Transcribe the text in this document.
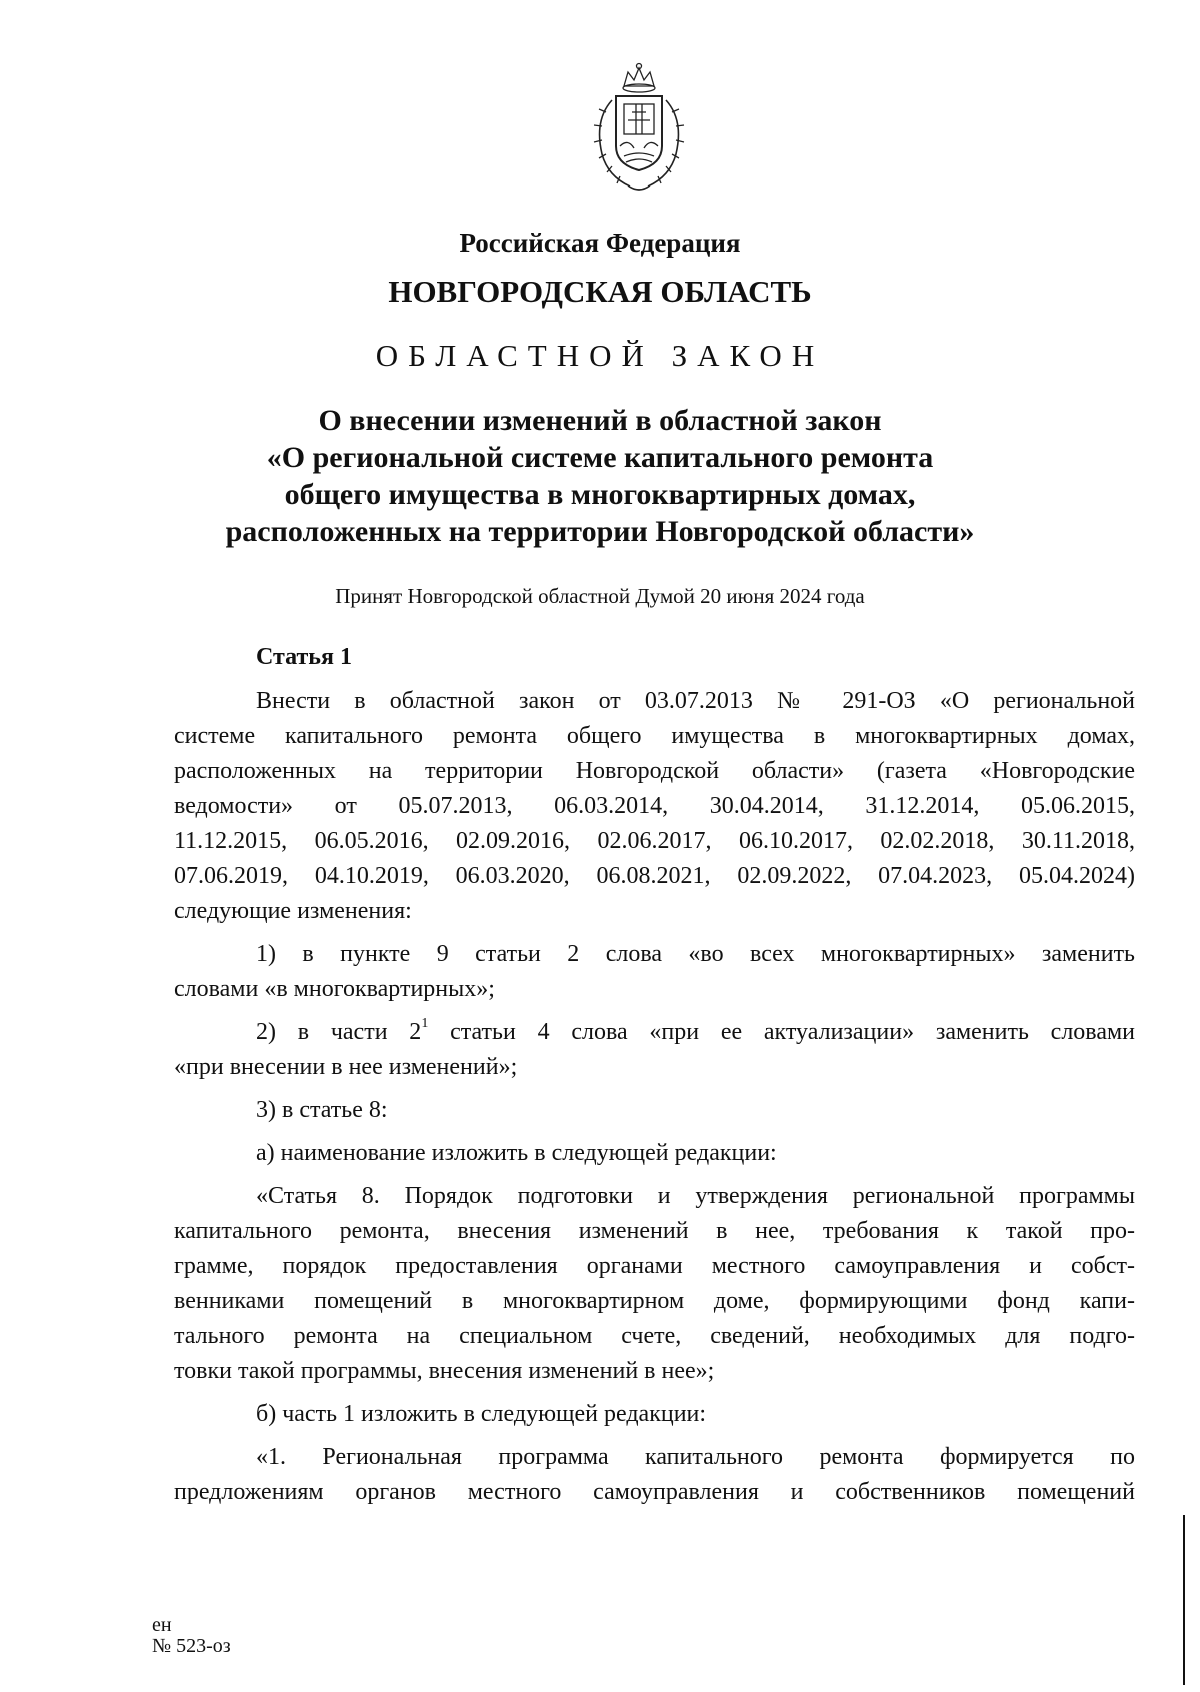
Российская Федерация
НОВГОРОДСКАЯ ОБЛАСТЬ
ОБЛАСТНОЙ ЗАКОН
О внесении изменений в областной закон
«О региональной системе капитального ремонта
общего имущества в многоквартирных домах,
расположенных на территории Новгородской области»
Принят Новгородской областной Думой 20 июня 2024 года
Статья 1
Внести в областной закон от 03.07.2013 № 291-ОЗ «О региональной
системе капитального ремонта общего имущества в многоквартирных домах,
расположенных на территории Новгородской области» (газета «Новгородские
ведомости» от 05.07.2013, 06.03.2014, 30.04.2014, 31.12.2014, 05.06.2015,
11.12.2015, 06.05.2016, 02.09.2016, 02.06.2017, 06.10.2017, 02.02.2018, 30.11.2018,
07.06.2019, 04.10.2019, 06.03.2020, 06.08.2021, 02.09.2022, 07.04.2023, 05.04.2024)
следующие изменения:
1) в пункте 9 статьи 2 слова «во всех многоквартирных» заменить
словами «в многоквартирных»;
2) в части $2^1$ статьи 4 слова «при ее актуализации» заменить словами
«при внесении в нее изменений»;
3) в статье 8:
а) наименование изложить в следующей редакции:
«Статья 8. Порядок подготовки и утверждения региональной программы
капитального ремонта, внесения изменений в нее, требования к такой про-
грамме, порядок предоставления органами местного самоуправления и собст-
венниками помещений в многоквартирном доме, формирующими фонд капи-
тального ремонта на специальном счете, сведений, необходимых для подго-
товки такой программы, внесения изменений в нее»;
б) часть 1 изложить в следующей редакции:
«1. Региональная программа капитального ремонта формируется по
предложениям органов местного самоуправления и собственников помещений
ен
№ 523-оз
